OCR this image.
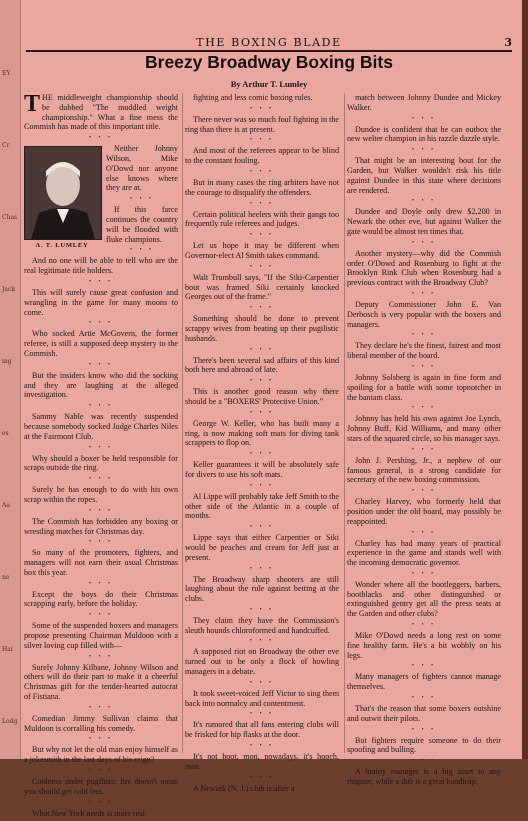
EY
Cr
Chas
Jack
ing
es
Aa
ne
Hai
Lodg
THE BOXING BLADE	3
Breezy Broadway Boxing Bits
By Arthur T. Lumley
THE middleweight championship should be dubbed "The muddled weight championship." What a fine mess the Commish has made of this important title.
• • •
A. T. LUMLEY
Neither Johnny Wilson, Mike O'Dowd nor anyone else knows where they are at.
• • •
If this farce continues the country will be flooded with fluke champions.
• • •
And no one will be able to tell who are the real legitimate title holders.
• • •
This will surely cause great confusion and wrangling in the game for many moons to come.
• • •
Who socked Artie McGovern, the former referee, is still a supposed deep mystery to the Commish.
• • •
But the insiders know who did the socking and they are laughing at the alleged investigation.
• • •
Sammy Nable was recently suspended because somebody socked Judge Charles Niles at the Fairmont Club.
• • •
Why should a boxer be held responsible for scraps outside the ring.
• • •
Surely he has enough to do with his own scrap within the ropes.
• • •
The Commish has forbidden any boxing or wrestling matches for Christmas day.
• • •
So many of the promoters, fighters, and managers will not earn their usual Christmas box this year.
• • •
Except the boys do their Christmas scrapping early, before the holiday.
• • •
Some of the suspended boxers and managers propose presenting Chairman Muldoon with a silver loving cup filled with—
• • •
Surely Johnny Kilbane, Johnny Wilson and others will do their part to make it a cheerful Christmas gift for the tender-hearted autocrat of Fistiana.
• • •
Comedian Jimmy Sullivan claims that Muldoon is corralling his comedy.
• • •
But why not let the old man enjoy himself as a jokesmith in the last days of his reign?
• • •
Coolness under pugilistic fire doesn't mean you should get cold feet.
• • •
What New York needs is more real
fighting and less comic boxing rules.
• • •
There never was so much foul fighting in the ring than there is at present.
• • •
And most of the referees appear to be blind to the constant fouling.
• • •
But in many cases the ring arbiters have not the courage to disqualify the offenders.
• • •
Certain political heelers with their gangs too frequently rule referees and judges.
• • •
Let us hope it may be different when Governor-elect Al Smith takes command.
• • •
Walt Trumbull says, "If the Siki-Carpentier bout was framed Siki certainly knocked Georges out of the frame."
• • •
Something should be done to prevent scrappy wives from beating up their pugilistic husbands.
• • •
There's been several sad affairs of this kind both here and abroad of late.
• • •
This is another good reason why there should be a "BOXERS' Protective Union."
• • •
George W. Keller, who has built many a ring, is now making soft mats for diving tank scrappers to flop on.
• • •
Keller guarantees it will be absolutely safe for divers to use his soft mats.
• • •
Al Lippe will probably take Jeff Smith to the other side of the Atlantic in a couple of months.
• • •
Lippe says that either Carpentier or Siki would be peaches and cream for Jeff just at present.
• • •
The Broadway sharp shooters are still laughing about the rule against betting at the clubs.
• • •
They claim they have the Commission's sleuth hounds chloroformed and handcuffed.
• • •
A supposed riot on Broadway the other eve turned out to be only a flock of howling managers in a debate.
• • •
It took sweet-voiced Jeff Victor to sing them back into normalcy and contentment.
• • •
It's rumored that all fans entering clubs will be frisked for hip flasks at the door.
• • •
It's not hoot, mon, nowadays, it's hooch, man.
• • •
A Newark (N. J.) club is after a
match between Johnny Dundee and Mickey Walker.
• • •
Dundee is confident that he can outbox the new welter champion in his razzle dazzle style.
• • •
That might be an interesting bout for the Garden, but Walker wouldn't risk his title against Dundee in this state where decisions are rendered.
• • •
Dundee and Doyle only drew $2,200 in Newark the other eve, but against Walker the gate would be almost ten times that.
• • •
Another mystery—why did the Commish order O'Dowd and Rosenburg to fight at the Brooklyn Rink Club when Rosenburg had a previous contract with the Broadway Club?
• • •
Deputy Commissioner John E. Van Derbosch is very popular with the boxers and managers.
• • •
They declare he's the finest, fairest and most liberal member of the board.
• • •
Johnny Solsberg is again in fine form and spoiling for a battle with some topnotcher in the bantam class.
• • •
Johnny has held his own against Joe Lynch, Johnny Buff, Kid Williams, and many other stars of the squared circle, so his manager says.
• • •
John J. Pershing, Jr., a nephew of our famous general, is a strong candidate for secretary of the new boxing commission.
• • •
Charley Harvey, who formerly held that position under the old board, may possibly be reappointed.
• • •
Charley has had many years of practical experience in the game and stands well with the incoming democratic governor.
• • •
Wonder where all the bootleggers, barbers, bootblacks and other distinguished or extinguished gentry get all the press seats at the Garden and other clubs?
• • •
Mike O'Dowd needs a long rest on some fine healthy farm. He's a bit wobbly on his legs.
• • •
Many managers of fighters cannot manage themselves.
• • •
That's the reason that some boxers outshine and outwit their pilots.
• • •
But fighters require someone to do their spoofing and bulling.
• • •
A brainy manager is a big asset to any ringster, while a dub is a great handicap.
